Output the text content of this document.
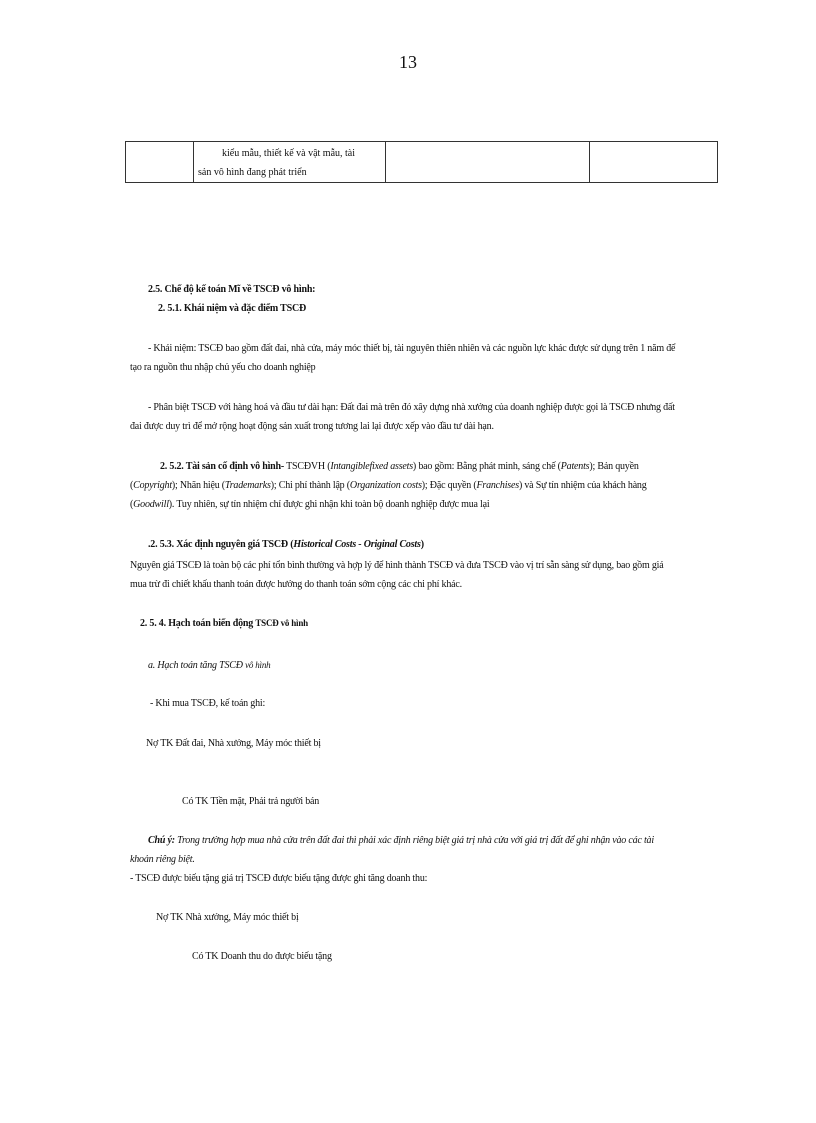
13

kiểu mẫu, thiết kế và vật mẫu, tài
sản vô hình đang phát triển

2.5. Chế độ kế toán Mĩ về TSCĐ vô hình:
2. 5.1. Khái niệm và đặc điểm TSCĐ
- Khái niệm: TSCĐ bao gồm đất đai, nhà cửa, máy móc thiết bị, tài nguyên thiên nhiên và các nguồn lực khác được sử dụng trên 1 năm để
tạo ra nguồn thu nhập chủ yếu cho doanh nghiệp
- Phân biệt TSCĐ với hàng hoá và đầu tư dài hạn: Đất đai mà trên đó xây dựng nhà xưởng của doanh nghiệp được gọi là TSCĐ nhưng đất
đai được duy trì để mở rộng hoạt động sản xuất trong tương lai lại được xếp vào đầu tư dài hạn.
2. 5.2. Tài sản cố định vô hình- TSCĐVH (Intangiblefixed assets) bao gồm: Bằng phát minh, sáng chế (Patents); Bản quyền
(Copyright); Nhãn hiệu (Trademarks); Chi phí thành lập (Organization costs); Đặc quyền (Franchises) và Sự tín nhiệm của khách hàng
(Goodwill). Tuy nhiên, sự tín nhiệm chỉ được ghi nhận khi toàn bộ doanh nghiệp được mua lại
.2. 5.3. Xác định nguyên giá TSCĐ (Historical Costs - Original Costs)
Nguyên giá TSCĐ là toàn bộ các phí tổn bình thường và hợp lý để hình thành TSCĐ và đưa TSCĐ vào vị trí sẵn sàng sử dụng, bao gồm giá
mua trừ đi chiết khấu thanh toán được hưởng do thanh toán sớm cộng các chi phí khác.
2. 5. 4. Hạch toán biến động TSCĐ vô hình
a. Hạch toán tăng TSCĐ vô hình
- Khi mua TSCĐ, kế toán ghi:
Nợ TK Đất đai, Nhà xưởng, Máy móc thiết bị
Có TK Tiền mặt, Phải trả người bán
Chú ý: Trong trường hợp mua nhà cửa trên đất đai thì phải xác định riêng biệt giá trị nhà cửa với giá trị đất để ghi nhận vào các tài
khoản riêng biệt.
- TSCĐ được biếu tặng giá trị TSCĐ được biếu tặng được ghi tăng doanh thu:
Nợ TK Nhà xưởng, Máy móc thiết bị
Có TK Doanh thu do được biếu tặng
